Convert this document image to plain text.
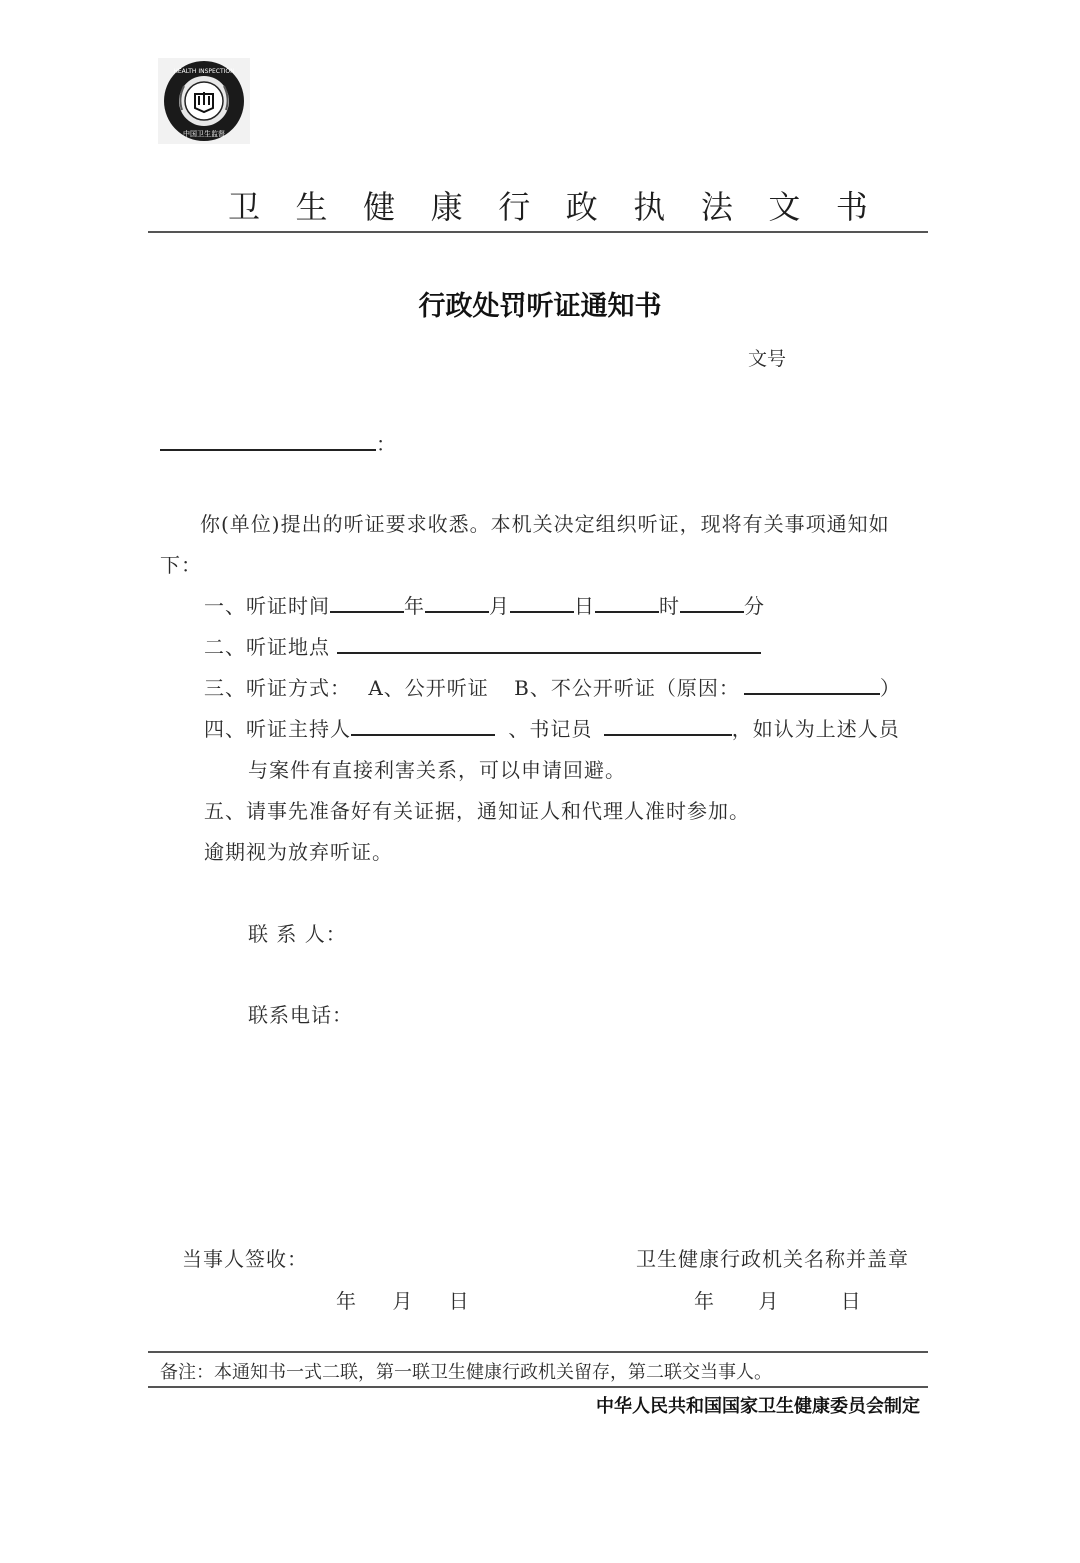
HEALTH INSPECTION
中国卫生监督
卫 生 健 康 行 政 执 法 文 书
行政处罚听证通知书
文号
：
你(单位)提出的听证要求收悉。本机关决定组织听证，现将有关事项通知如
下：
一、听证时间	年	月	日	时	分
二、听证地点
三、听证方式： A、公开听证 B、不公开听证（原因：	）
四、听证主持人	、书记员	，如认为上述人员
与案件有直接利害关系，可以申请回避。
五、请事先准备好有关证据，通知证人和代理人准时参加。
逾期视为放弃听证。
联 系 人：
联系电话：
当事人签收：	卫生健康行政机关名称并盖章
年 月 日	年 月	日
备注：本通知书一式二联，第一联卫生健康行政机关留存，第二联交当事人。
中华人民共和国国家卫生健康委员会制定
